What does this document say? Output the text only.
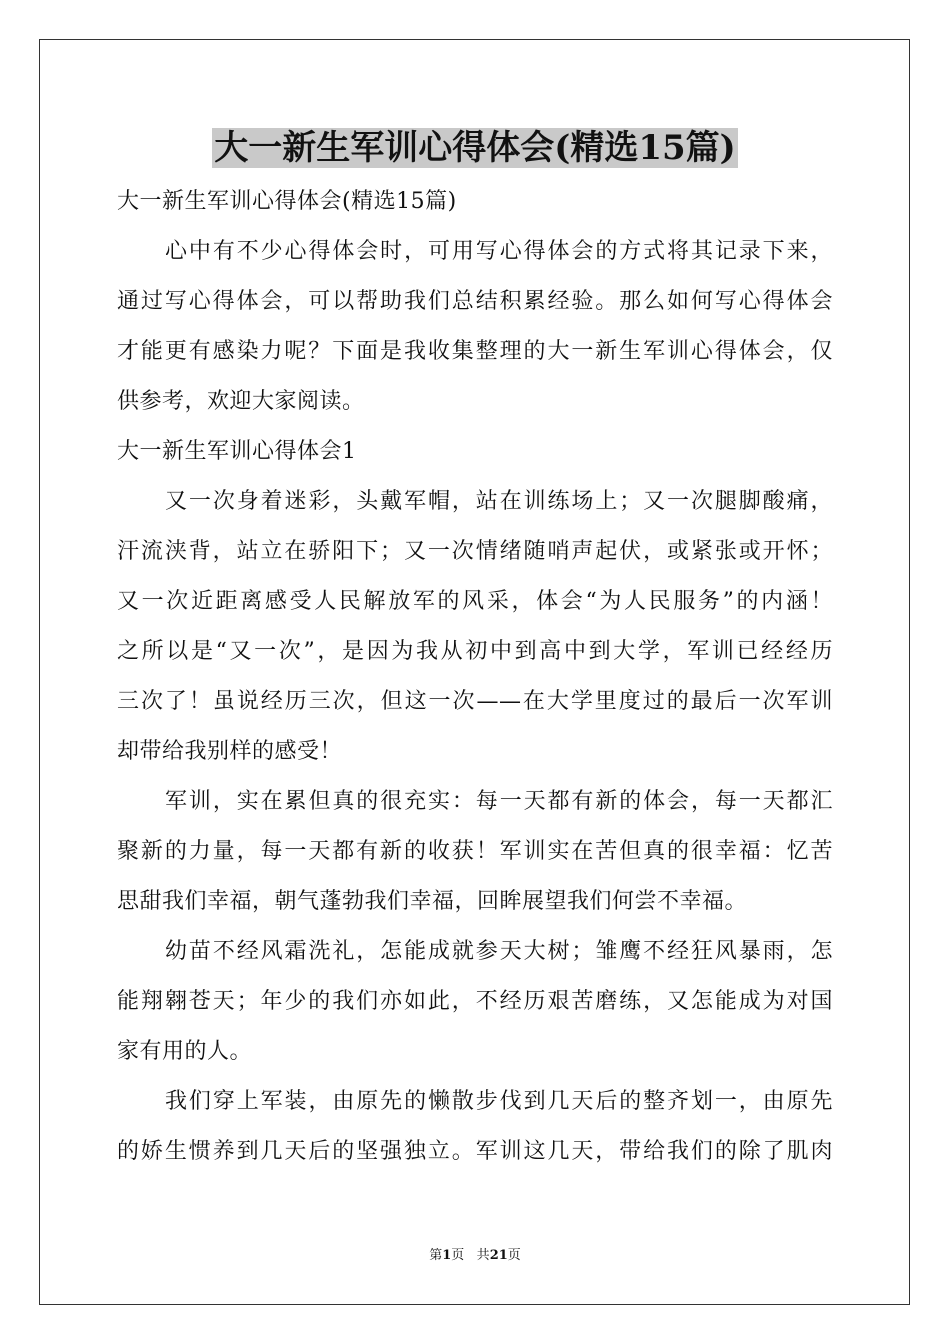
大一新生军训心得体会(精选15篇)
大一新生军训心得体会(精选15篇)
心中有不少心得体会时，可用写心得体会的方式将其记录下来，
通过写心得体会，可以帮助我们总结积累经验。那么如何写心得体会
才能更有感染力呢？下面是我收集整理的大一新生军训心得体会，仅
供参考，欢迎大家阅读。
大一新生军训心得体会1
又一次身着迷彩，头戴军帽，站在训练场上；又一次腿脚酸痛，
汗流浃背，站立在骄阳下；又一次情绪随哨声起伏，或紧张或开怀；
又一次近距离感受人民解放军的风采，体会“为人民服务”的内涵！
之所以是“又一次”，是因为我从初中到高中到大学，军训已经经历
三次了！虽说经历三次，但这一次——在大学里度过的最后一次军训
却带给我别样的感受！
军训，实在累但真的很充实：每一天都有新的体会，每一天都汇
聚新的力量，每一天都有新的收获！军训实在苦但真的很幸福：忆苦
思甜我们幸福，朝气蓬勃我们幸福，回眸展望我们何尝不幸福。
幼苗不经风霜洗礼，怎能成就参天大树；雏鹰不经狂风暴雨，怎
能翔翱苍天；年少的我们亦如此，不经历艰苦磨练，又怎能成为对国
家有用的人。
我们穿上军装，由原先的懒散步伐到几天后的整齐划一，由原先
的娇生惯养到几天后的坚强独立。军训这几天，带给我们的除了肌肉
第1页 共21页
